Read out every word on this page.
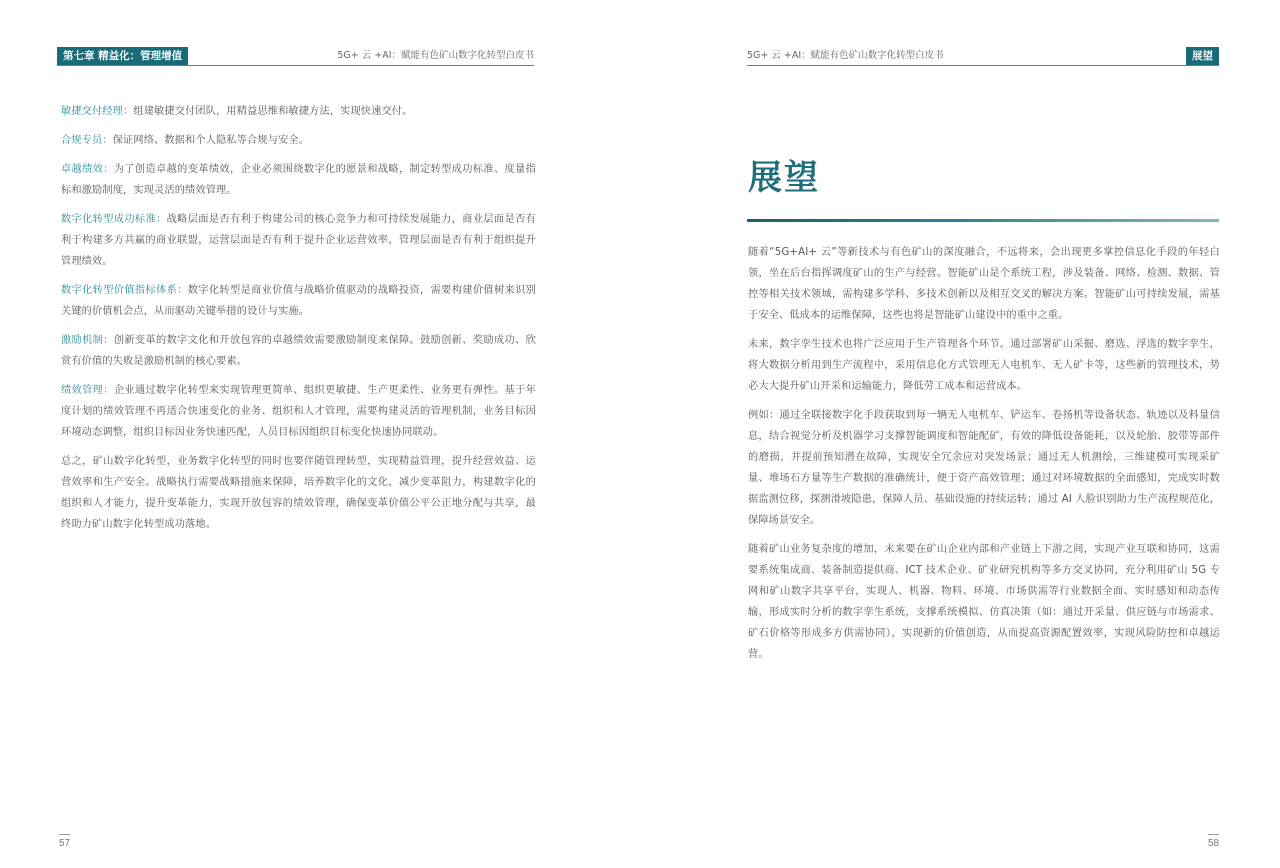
第七章 精益化：管理增值	5G+ 云 +AI：赋能有色矿山数字化转型白皮书

敏捷交付经理：组建敏捷交付团队，用精益思维和敏捷方法，实现快速交付。

合规专员：保证网络、数据和个人隐私等合规与安全。

卓越绩效：为了创造卓越的变革绩效，企业必须围绕数字化的愿景和战略，制定转型成功标准、度量指标和激励制度，实现灵活的绩效管理。

数字化转型成功标准：战略层面是否有利于构建公司的核心竞争力和可持续发展能力，商业层面是否有利于构建多方共赢的商业联盟，运营层面是否有利于提升企业运营效率，管理层面是否有利于组织提升管理绩效。

数字化转型价值指标体系：数字化转型是商业价值与战略价值驱动的战略投资，需要构建价值树来识别关键的价值机会点，从而驱动关键举措的设计与实施。

激励机制：创新变革的数字文化和开放包容的卓越绩效需要激励制度来保障。鼓励创新、奖励成功、欣赏有价值的失败是激励机制的核心要素。

绩效管理：企业通过数字化转型来实现管理更简单、组织更敏捷、生产更柔性、业务更有弹性。基于年度计划的绩效管理不再适合快速变化的业务、组织和人才管理，需要构建灵活的管理机制，业务目标因环境动态调整，组织目标因业务快速匹配，人员目标因组织目标变化快速协同联动。

总之，矿山数字化转型，业务数字化转型的同时也要伴随管理转型，实现精益管理，提升经营效益、运营效率和生产安全。战略执行需要战略措施来保障，培养数字化的文化，减少变革阻力，构建数字化的组织和人才能力，提升变革能力，实现开放包容的绩效管理，确保变革价值公平公正地分配与共享，最终助力矿山数字化转型成功落地。

57
5G+ 云 +AI：赋能有色矿山数字化转型白皮书	展望
展望

随着“5G+AI+ 云”等新技术与有色矿山的深度融合，不远将来，会出现更多掌控信息化手段的年轻白领，坐在后台指挥调度矿山的生产与经营。智能矿山是个系统工程，涉及装备、网络、检测、数据、管控等相关技术领域，需构建多学科、多技术创新以及相互交叉的解决方案。智能矿山可持续发展，需基于安全、低成本的运维保障，这些也将是智能矿山建设中的重中之重。

未来，数字孪生技术也将广泛应用于生产管理各个环节。通过部署矿山采掘、磨选、浮选的数字孪生，将大数据分析用到生产流程中，采用信息化方式管理无人电机车、无人矿卡等，这些新的管理技术，势必大大提升矿山开采和运输能力，降低劳工成本和运营成本。

例如：通过全联接数字化手段获取到每一辆无人电机车、铲运车、卷扬机等设备状态、轨迹以及料量信息，结合视觉分析及机器学习支撑智能调度和智能配矿，有效的降低设备能耗，以及轮胎、胶带等部件的磨损，并提前预知潜在故障，实现安全冗余应对突发场景；通过无人机测绘，三维建模可实现采矿量、堆场石方量等生产数据的准确统计，便于资产高效管理；通过对环境数据的全面感知，完成实时数据监测位移，探测滑坡隐患，保障人员、基础设施的持续运转；通过 AI 人脸识别助力生产流程规范化，保障场景安全。

随着矿山业务复杂度的增加，未来要在矿山企业内部和产业链上下游之间，实现产业互联和协同，这需要系统集成商、装备制造提供商、ICT 技术企业、矿业研究机构等多方交叉协同，充分利用矿山 5G 专网和矿山数字共享平台，实现人、机器、物料、环境、市场供需等行业数据全面、实时感知和动态传输，形成实时分析的数字孪生系统，支撑系统模拟、仿真决策（如：通过开采量、供应链与市场需求、矿石价格等形成多方供需协同），实现新的价值创造，从而提高资源配置效率，实现风险防控和卓越运营。

58
